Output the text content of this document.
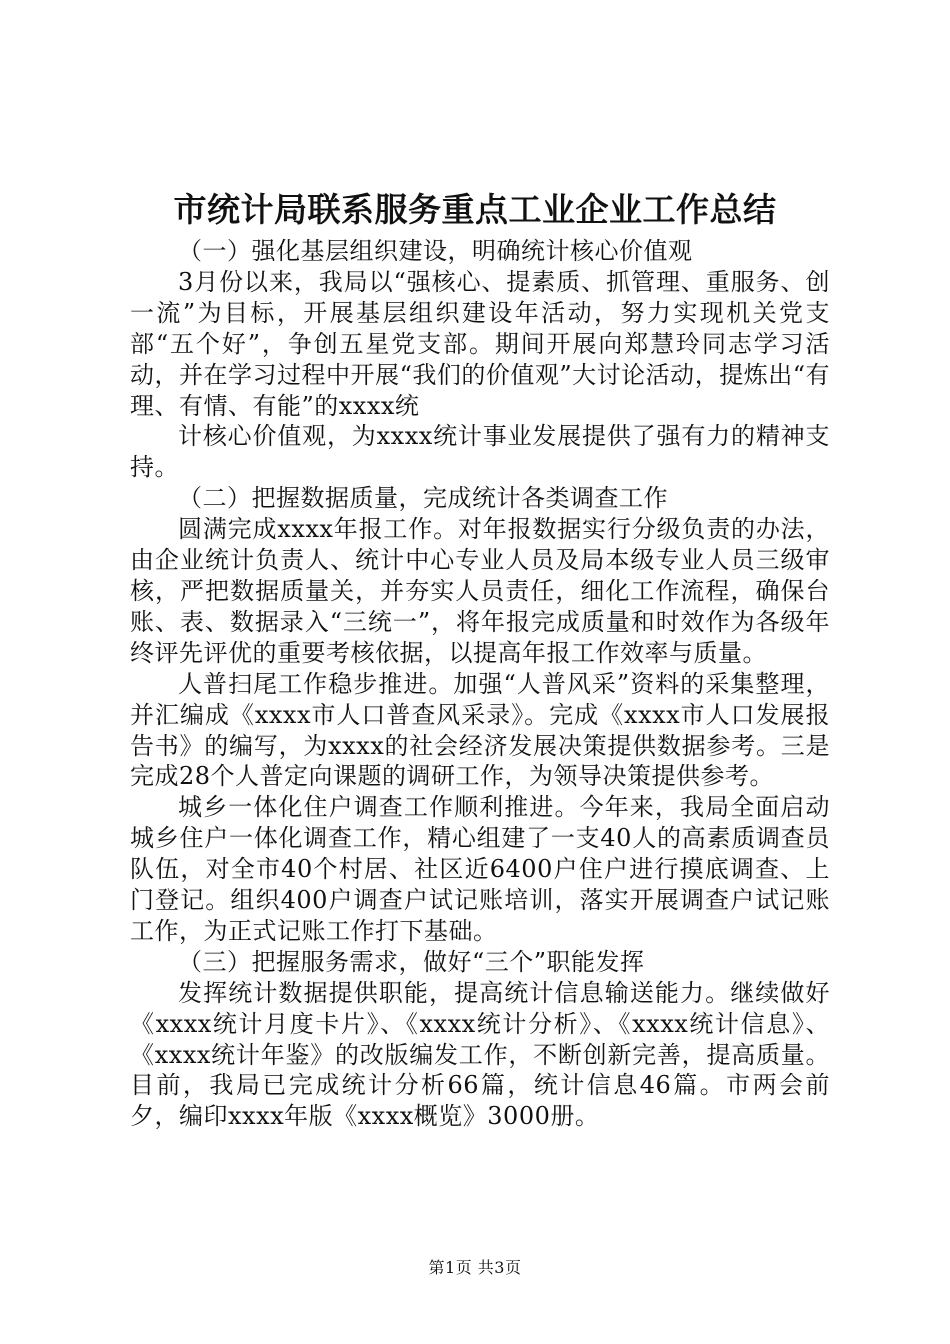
市统计局联系服务重点工业企业工作总结

（一）强化基层组织建设，明确统计核心价值观

3月份以来，我局以“强核心、提素质、抓管理、重服务、创一流”为目标，开展基层组织建设年活动，努力实现机关党支部“五个好”，争创五星党支部。期间开展向郑慧玲同志学习活动，并在学习过程中开展“我们的价值观”大讨论活动，提炼出“有理、有情、有能”的xxxx统

计核心价值观，为xxxx统计事业发展提供了强有力的精神支持。

（二）把握数据质量，完成统计各类调查工作

圆满完成xxxx年报工作。对年报数据实行分级负责的办法，由企业统计负责人、统计中心专业人员及局本级专业人员三级审核，严把数据质量关，并夯实人员责任，细化工作流程，确保台账、表、数据录入“三统一”，将年报完成质量和时效作为各级年终评先评优的重要考核依据，以提高年报工作效率与质量。

人普扫尾工作稳步推进。加强“人普风采”资料的采集整理，并汇编成《xxxx市人口普查风采录》。完成《xxxx市人口发展报告书》的编写，为xxxx的社会经济发展决策提供数据参考。三是完成28个人普定向课题的调研工作，为领导决策提供参考。

城乡一体化住户调查工作顺利推进。今年来，我局全面启动城乡住户一体化调查工作，精心组建了一支40人的高素质调查员队伍，对全市40个村居、社区近6400户住户进行摸底调查、上门登记。组织400户调查户试记账培训，落实开展调查户试记账工作，为正式记账工作打下基础。

（三）把握服务需求，做好“三个”职能发挥

发挥统计数据提供职能，提高统计信息输送能力。继续做好《xxxx统计月度卡片》、《xxxx统计分析》、《xxxx统计信息》、《xxxx统计年鉴》的改版编发工作，不断创新完善，提高质量。目前，我局已完成统计分析66篇，统计信息46篇。市两会前夕，编印xxxx年版《xxxx概览》3000册。

第1页 共3页
